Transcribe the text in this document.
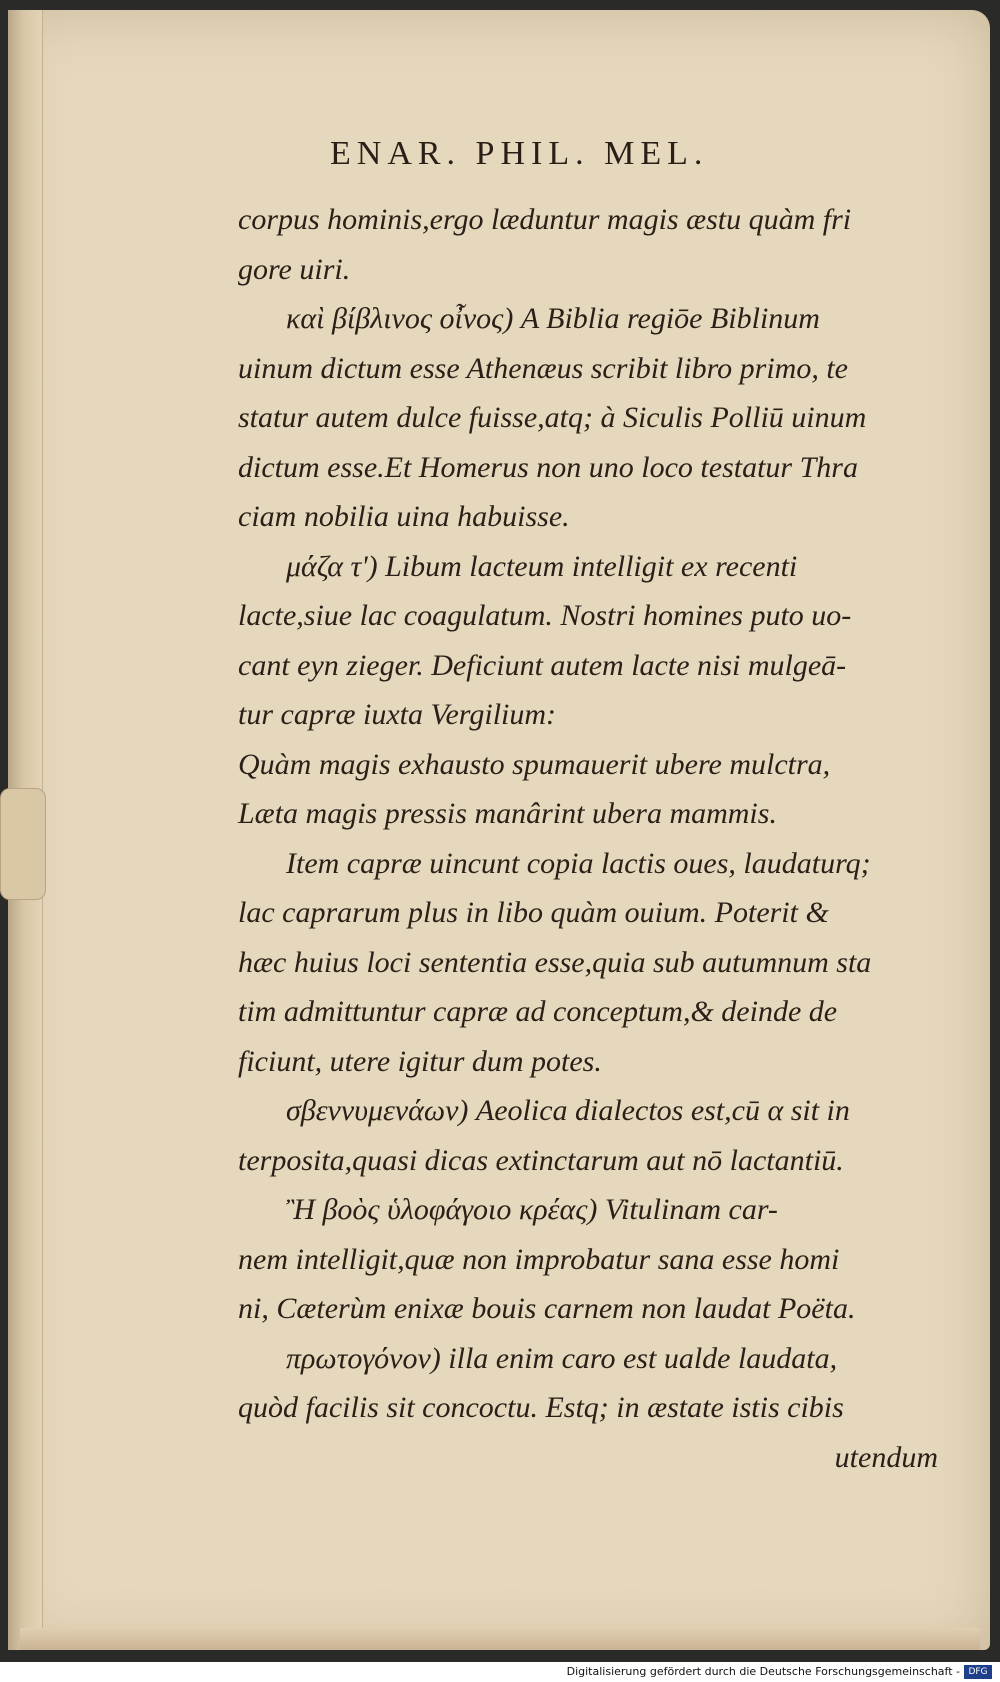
ENAR. PHIL. MEL.
corpus hominis,ergo læduntur magis æstu quàm fri
gore uiri.
καὶ βίβλινος οἶνος) A Biblia regiōe Biblinum
uinum dictum esse Athenæus scribit libro primo, te
statur autem dulce fuisse,atq; à Siculis Polliū uinum
dictum esse.Et Homerus non uno loco testatur Thra
ciam nobilia uina habuisse.
μάζα τ') Libum lacteum intelligit ex recenti
lacte,siue lac coagulatum. Nostri homines puto uo-
cant eyn zieger. Deficiunt autem lacte nisi mulgeā-
tur capræ iuxta Vergilium:
Quàm magis exhausto spumauerit ubere mulctra,
Læta magis pressis manârint ubera mammis.
Item capræ uincunt copia lactis oues, laudaturq;
lac caprarum plus in libo quàm ouium. Poterit &
hæc huius loci sententia esse,quia sub autumnum sta
tim admittuntur capræ ad conceptum,& deinde de
ficiunt, utere igitur dum potes.
σβεννυμενάων) Aeolica dialectos est,cū α sit in
terposita,quasi dicas extinctarum aut nō lactantiū.
Ἢ βοὸς ὑλοφάγοιο κρέας) Vitulinam car-
nem intelligit,quæ non improbatur sana esse homi
ni, Cæterùm enixæ bouis carnem non laudat Poëta.
πρωτογόνον) illa enim caro est ualde laudata,
quòd facilis sit concoctu. Estq; in æstate istis cibis
utendum
Digitalisierung gefördert durch die Deutsche Forschungsgemeinschaft - DFG
